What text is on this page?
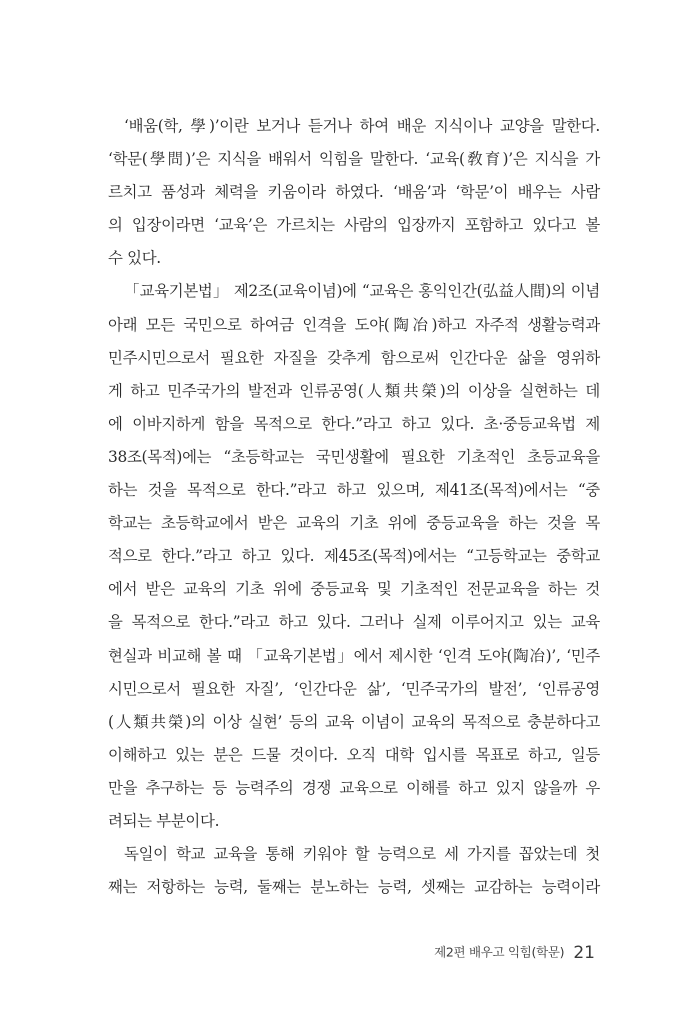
‘배움(학, 學)’이란 보거나 듣거나 하여 배운 지식이나 교양을 말한다.
‘학문(學問)’은 지식을 배워서 익힘을 말한다. ‘교육(敎育)’은 지식을 가
르치고 품성과 체력을 키움이라 하였다. ‘배움’과 ‘학문’이 배우는 사람
의 입장이라면 ‘교육’은 가르치는 사람의 입장까지 포함하고 있다고 볼
수 있다.
「교육기본법」 제2조(교육이념)에 “교육은 홍익인간(弘益人間)의 이념
아래 모든 국민으로 하여금 인격을 도야(陶冶)하고 자주적 생활능력과
민주시민으로서 필요한 자질을 갖추게 함으로써 인간다운 삶을 영위하
게 하고 민주국가의 발전과 인류공영(人類共榮)의 이상을 실현하는 데
에 이바지하게 함을 목적으로 한다.”라고 하고 있다. 초·중등교육법 제
38조(목적)에는 “초등학교는 국민생활에 필요한 기초적인 초등교육을
하는 것을 목적으로 한다.”라고 하고 있으며, 제41조(목적)에서는 “중
학교는 초등학교에서 받은 교육의 기초 위에 중등교육을 하는 것을 목
적으로 한다.”라고 하고 있다. 제45조(목적)에서는 “고등학교는 중학교
에서 받은 교육의 기초 위에 중등교육 및 기초적인 전문교육을 하는 것
을 목적으로 한다.”라고 하고 있다. 그러나 실제 이루어지고 있는 교육
현실과 비교해 볼 때 「교육기본법」에서 제시한 ‘인격 도야(陶冶)’, ‘민주
시민으로서 필요한 자질’, ‘인간다운 삶’, ‘민주국가의 발전’, ‘인류공영
(人類共榮)의 이상 실현’ 등의 교육 이념이 교육의 목적으로 충분하다고
이해하고 있는 분은 드물 것이다. 오직 대학 입시를 목표로 하고, 일등
만을 추구하는 등 능력주의 경쟁 교육으로 이해를 하고 있지 않을까 우
려되는 부분이다.
독일이 학교 교육을 통해 키워야 할 능력으로 세 가지를 꼽았는데 첫
째는 저항하는 능력, 둘째는 분노하는 능력, 셋째는 교감하는 능력이라
제2편 배우고 익힘(학문) 21
